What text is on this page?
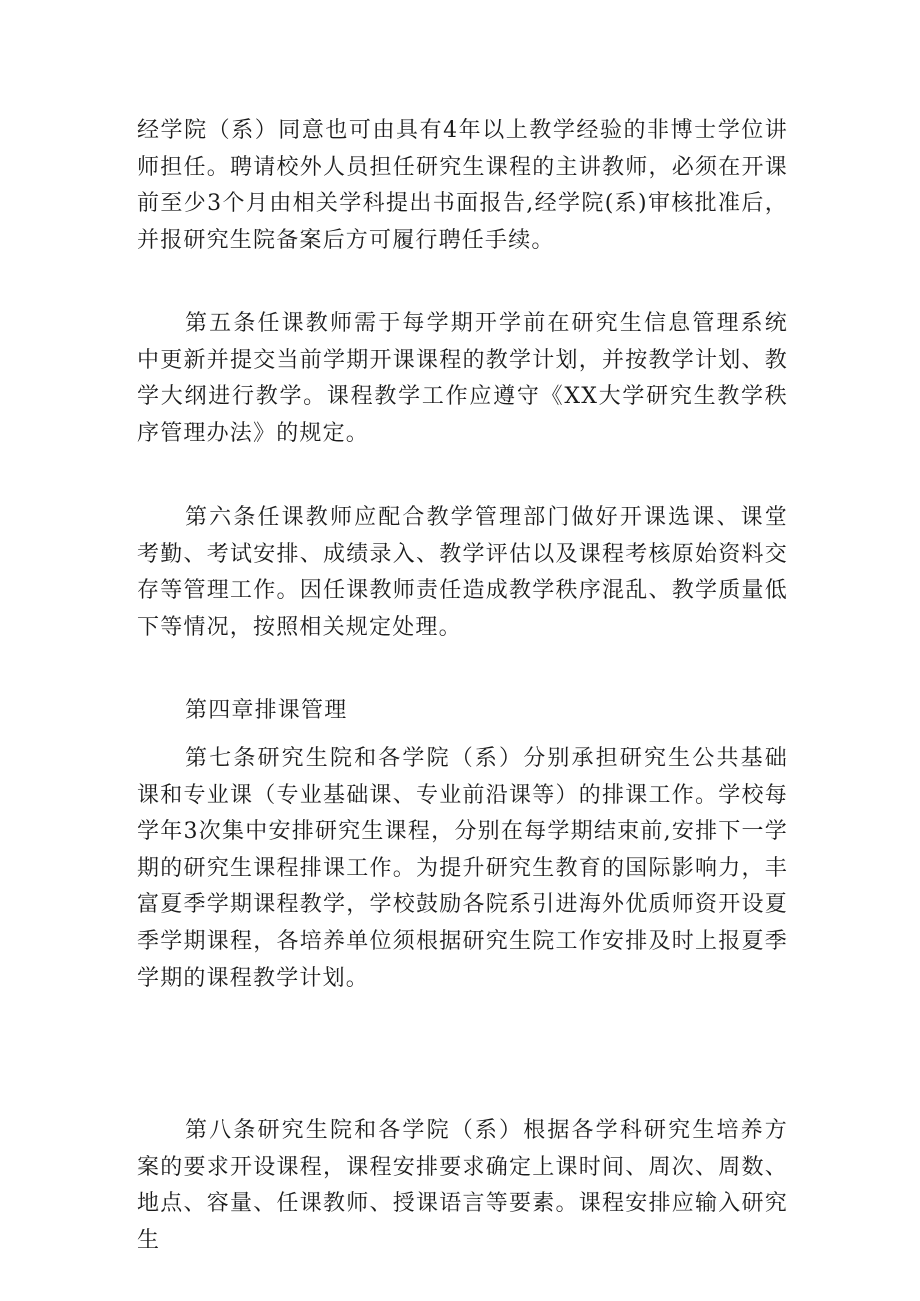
经学院（系）同意也可由具有4年以上教学经验的非博士学位讲师担任。聘请校外人员担任研究生课程的主讲教师，必须在开课前至少3个月由相关学科提出书面报告,经学院(系)审核批准后，并报研究生院备案后方可履行聘任手续。

第五条任课教师需于每学期开学前在研究生信息管理系统中更新并提交当前学期开课课程的教学计划，并按教学计划、教学大纲进行教学。课程教学工作应遵守《XX大学研究生教学秩序管理办法》的规定。

第六条任课教师应配合教学管理部门做好开课选课、课堂考勤、考试安排、成绩录入、教学评估以及课程考核原始资料交存等管理工作。因任课教师责任造成教学秩序混乱、教学质量低下等情况，按照相关规定处理。

第四章排课管理

第七条研究生院和各学院（系）分别承担研究生公共基础课和专业课（专业基础课、专业前沿课等）的排课工作。学校每学年3次集中安排研究生课程，分别在每学期结束前,安排下一学期的研究生课程排课工作。为提升研究生教育的国际影响力，丰富夏季学期课程教学，学校鼓励各院系引进海外优质师资开设夏季学期课程，各培养单位须根据研究生院工作安排及时上报夏季学期的课程教学计划。

第八条研究生院和各学院（系）根据各学科研究生培养方案的要求开设课程，课程安排要求确定上课时间、周次、周数、地点、容量、任课教师、授课语言等要素。课程安排应输入研究生
